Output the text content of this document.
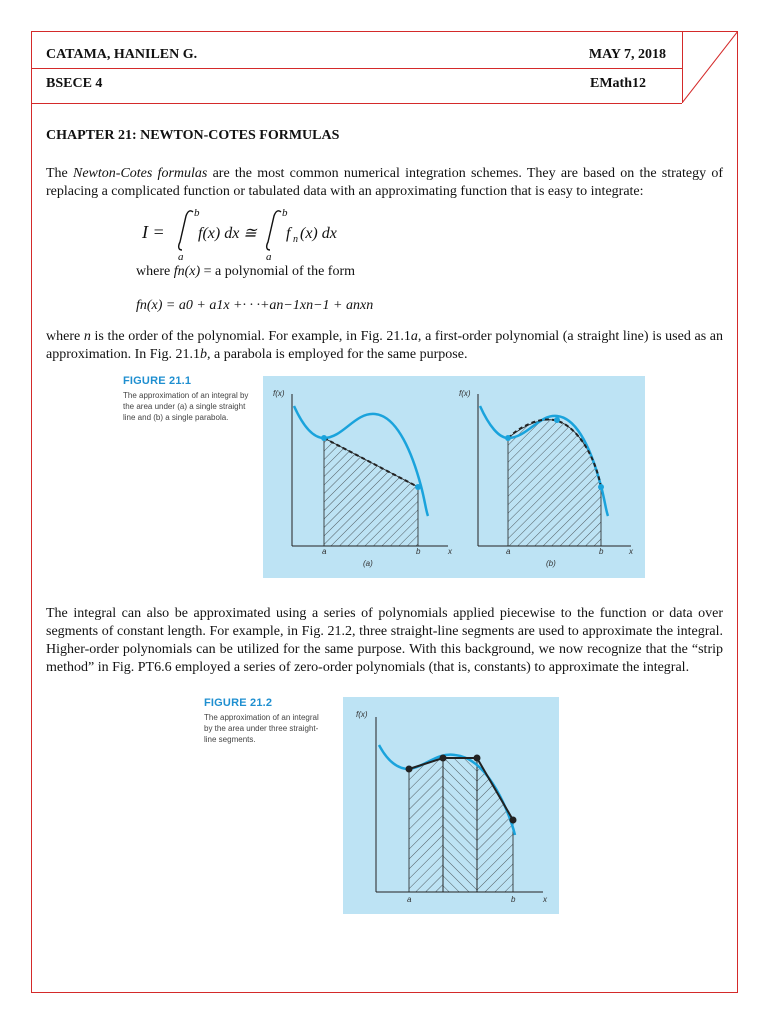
CATAMA, HANILEN G.	MAY 7, 2018
BSECE 4	EMath12
CHAPTER 21: NEWTON-COTES FORMULAS
The Newton-Cotes formulas are the most common numerical integration schemes. They are based on the strategy of replacing a complicated function or tabulated data with an approximating function that is easy to integrate:
I =
b
a
f(x) dx ≅
b
a
f n (x) dx
where fn(x) = a polynomial of the form
fn(x) = a0 + a1x +· · ·+an−1xn−1 + anxn
where n is the order of the polynomial. For example, in Fig. 21.1a, a first-order polynomial (a straight line) is used as an approximation. In Fig. 21.1b, a parabola is employed for the same purpose.
FIGURE 21.1
The approximation of an integral by the area under (a) a single straight line and (b) a single parabola.
f(x)
x
a	b
(a)
f(x)
x
a	b
(b)
The integral can also be approximated using a series of polynomials applied piecewise to the function or data over segments of constant length. For example, in Fig. 21.2, three straight-line segments are used to approximate the integral. Higher-order polynomials can be utilized for the same purpose. With this background, we now recognize that the “strip method” in Fig. PT6.6 employed a series of zero-order polynomials (that is, constants) to approximate the integral.
FIGURE 21.2
The approximation of an integral by the area under three straight-line segments.
f(x)
x
a	b
